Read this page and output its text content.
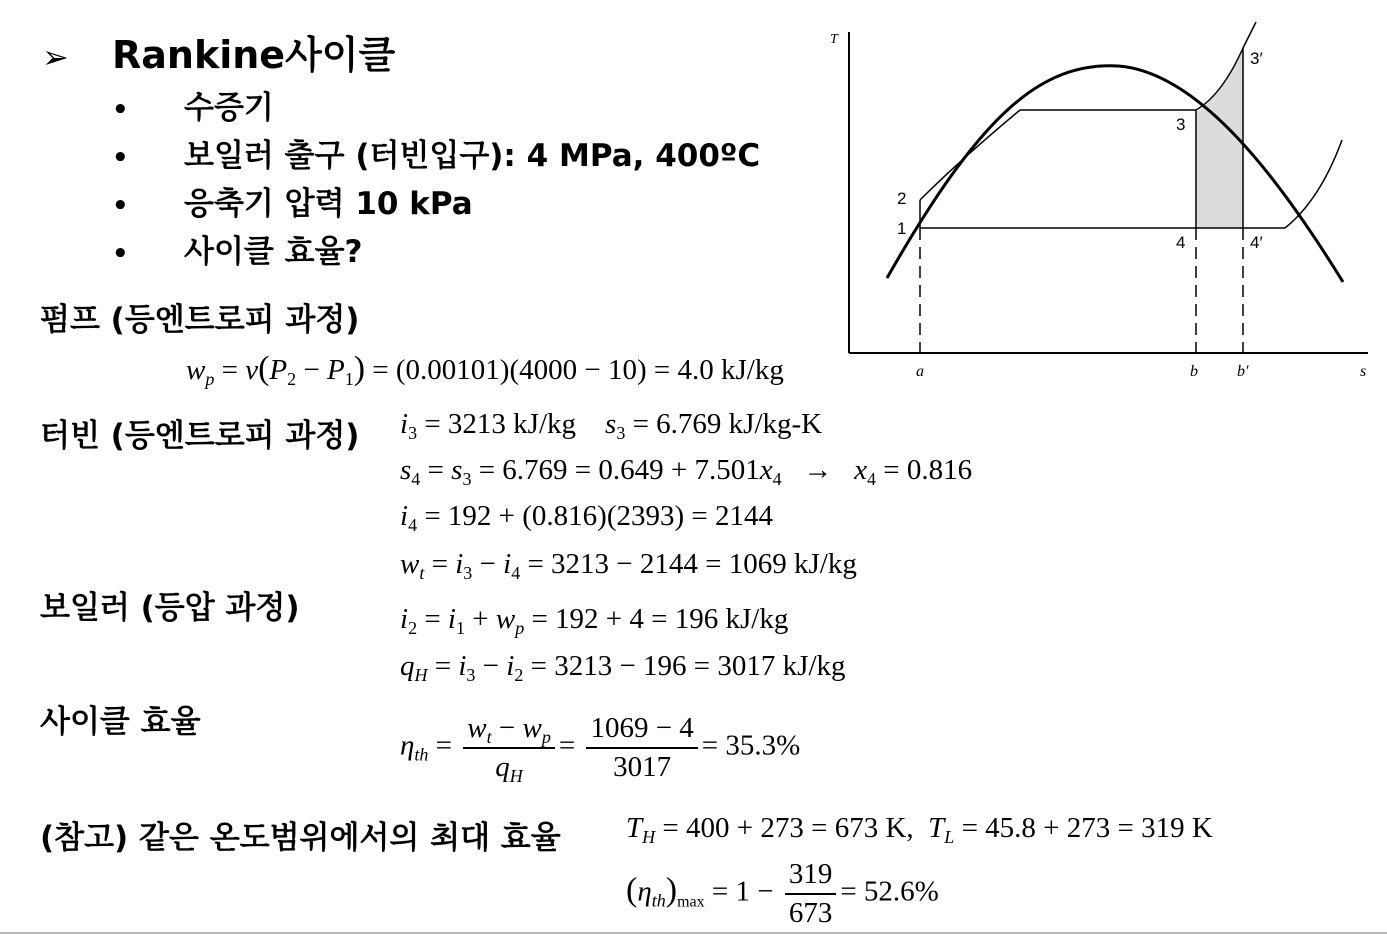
➢ Rankine사이클
• 수증기
• 보일러 출구 (터빈입구): 4 MPa, 400ºC
• 응축기 압력 10 kPa
• 사이클 효율?
펌프 (등엔트로피 과정)
터빈 (등엔트로피 과정)
보일러 (등압 과정)
사이클 효율
(참고) 같은 온도범위에서의 최대 효율
$w_p = v(P_2 - P_1) = (0.00101)(4000 - 10) = 4.0$ kJ/kg
$i_3 = 3213$ kJ/kg $s_3 = 6.769$ kJ/kg-K
$s_4 = s_3 = 6.769 = 0.649 + 7.501x_4 \to x_4 = 0.816$
$i_4 = 192 + (0.816)(2393) = 2144$
$w_t = i_3 - i_4 = 3213 - 2144 = 1069$ kJ/kg
$i_2 = i_1 + w_p = 192 + 4 = 196$ kJ/kg
$q_H = i_3 - i_2 = 3213 - 196 = 3017$ kJ/kg
$\eta_{th} = \frac{w_t - w_p}{q_H} = \frac{1069 - 4}{3017} = 35.3\%$
$T_H = 400 + 273 = 673$ K, $T_L = 45.8 + 273 = 319$ K
$(\eta_{th})_{max} = 1 - \frac{319}{673} = 52.6\%$
T
s
1
2
3
3′
4	4′
a	b b′
